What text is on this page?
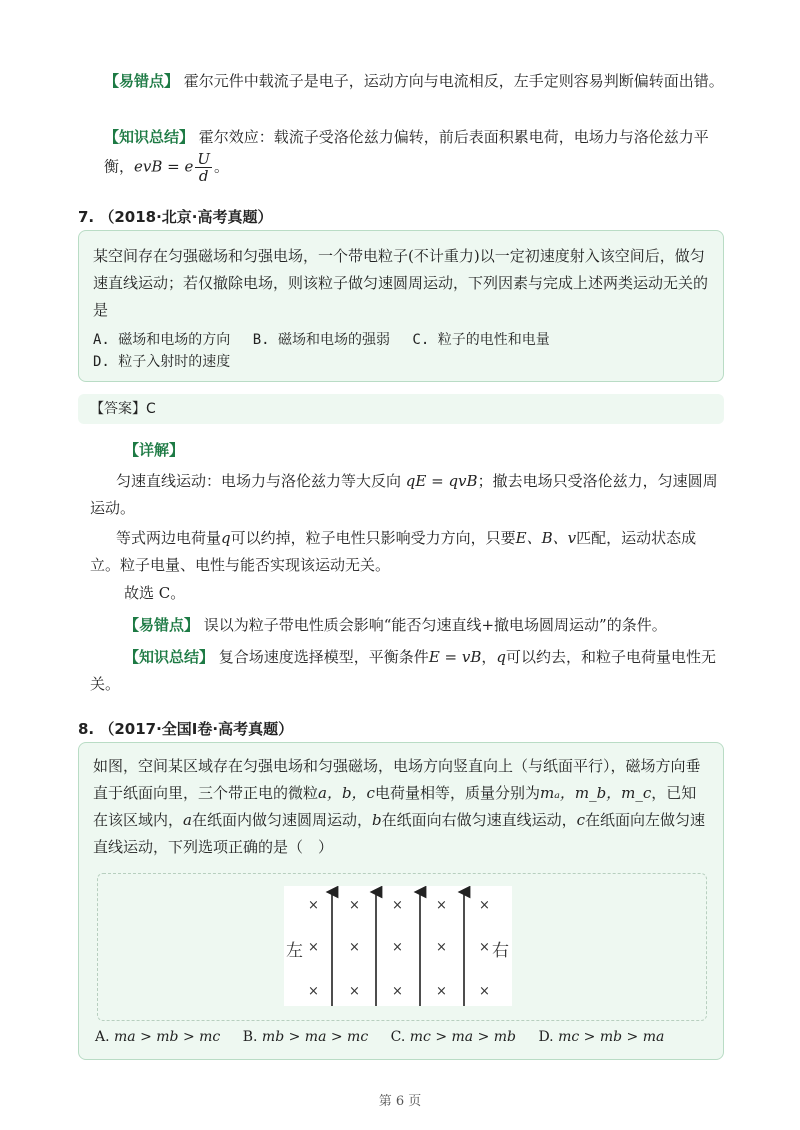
【易错点】 霍尔元件中载流子是电子，运动方向与电流相反，左手定则容易判断偏转面出错。
【知识总结】 霍尔效应：载流子受洛伦兹力偏转，前后表面积累电荷，电场力与洛伦兹力平衡，evB = e $\frac{U}{d}$ 。
7. （2018·北京·高考真题）
某空间存在匀强磁场和匀强电场，一个带电粒子(不计重力)以一定初速度射入该空间后，做匀速直线运动；若仅撤除电场，则该粒子做匀速圆周运动，下列因素与完成上述两类运动无关的是
A. 磁场和电场的方向　 B. 磁场和电场的强弱　 C. 粒子的电性和电量
D. 粒子入射时的速度
【答案】C
【详解】
匀速直线运动：电场力与洛伦兹力等大反向 qE = qvB；撤去电场只受洛伦兹力，匀速圆周运动。
等式两边电荷量q可以约掉，粒子电性只影响受力方向，只要E、B、v匹配，运动状态成立。粒子电量、电性与能否实现该运动无关。
故选 C。
【易错点】 误以为粒子带电性质会影响“能否匀速直线+撤电场圆周运动”的条件。
【知识总结】 复合场速度选择模型，平衡条件E = vB，q可以约去，和粒子电荷量电性无关。
8. （2017·全国I卷·高考真题）
如图，空间某区域存在匀强电场和匀强磁场，电场方向竖直向上（与纸面平行），磁场方向垂直于纸面向里，三个带正电的微粒a，b，c电荷量相等，质量分别为mₐ，m_b，m_c，已知在该区域内，a在纸面内做匀速圆周运动，b在纸面向右做匀速直线运动，c在纸面向左做匀速直线运动，下列选项正确的是（　）
左	右
× × ×	× ×
× × ×	× ×
× × ×	× ×
A. ma > mb > mc B. mb > ma > mc C. mc > ma > mb D. mc > mb > ma
第 6 页
